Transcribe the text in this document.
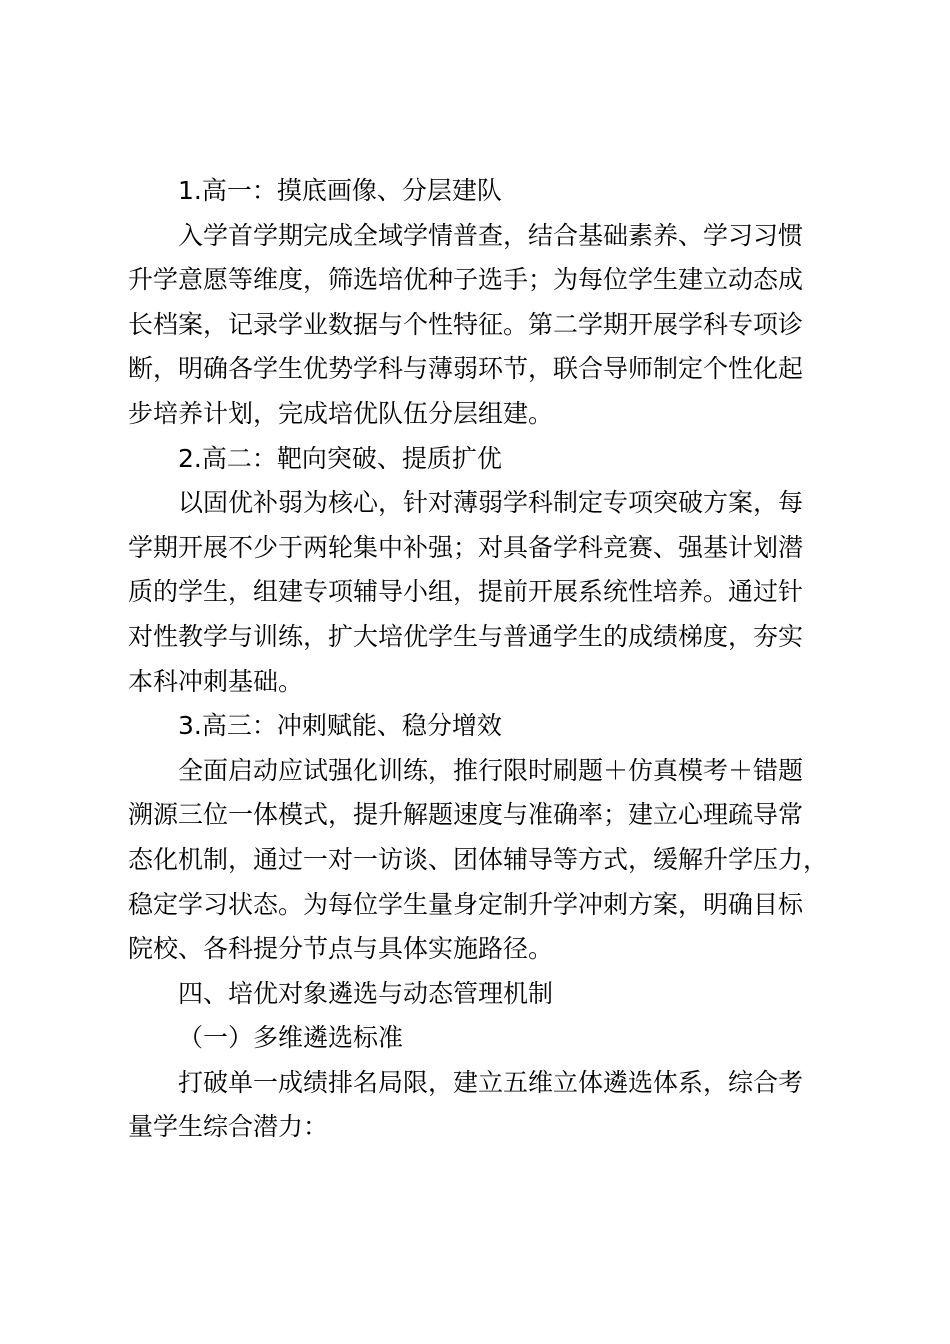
1.高一：摸底画像、分层建队
入学首学期完成全域学情普查，结合基础素养、学习习惯
升学意愿等维度，筛选培优种子选手；为每位学生建立动态成
长档案，记录学业数据与个性特征。第二学期开展学科专项诊
断，明确各学生优势学科与薄弱环节，联合导师制定个性化起
步培养计划，完成培优队伍分层组建。
2.高二：靶向突破、提质扩优
以固优补弱为核心，针对薄弱学科制定专项突破方案，每
学期开展不少于两轮集中补强；对具备学科竞赛、强基计划潜
质的学生，组建专项辅导小组，提前开展系统性培养。通过针
对性教学与训练，扩大培优学生与普通学生的成绩梯度，夯实
本科冲刺基础。
3.高三：冲刺赋能、稳分增效
全面启动应试强化训练，推行限时刷题＋仿真模考＋错题
溯源三位一体模式，提升解题速度与准确率；建立心理疏导常
态化机制，通过一对一访谈、团体辅导等方式，缓解升学压力，
稳定学习状态。为每位学生量身定制升学冲刺方案，明确目标
院校、各科提分节点与具体实施路径。
四、培优对象遴选与动态管理机制
（一）多维遴选标准
打破单一成绩排名局限，建立五维立体遴选体系，综合考
量学生综合潜力：
